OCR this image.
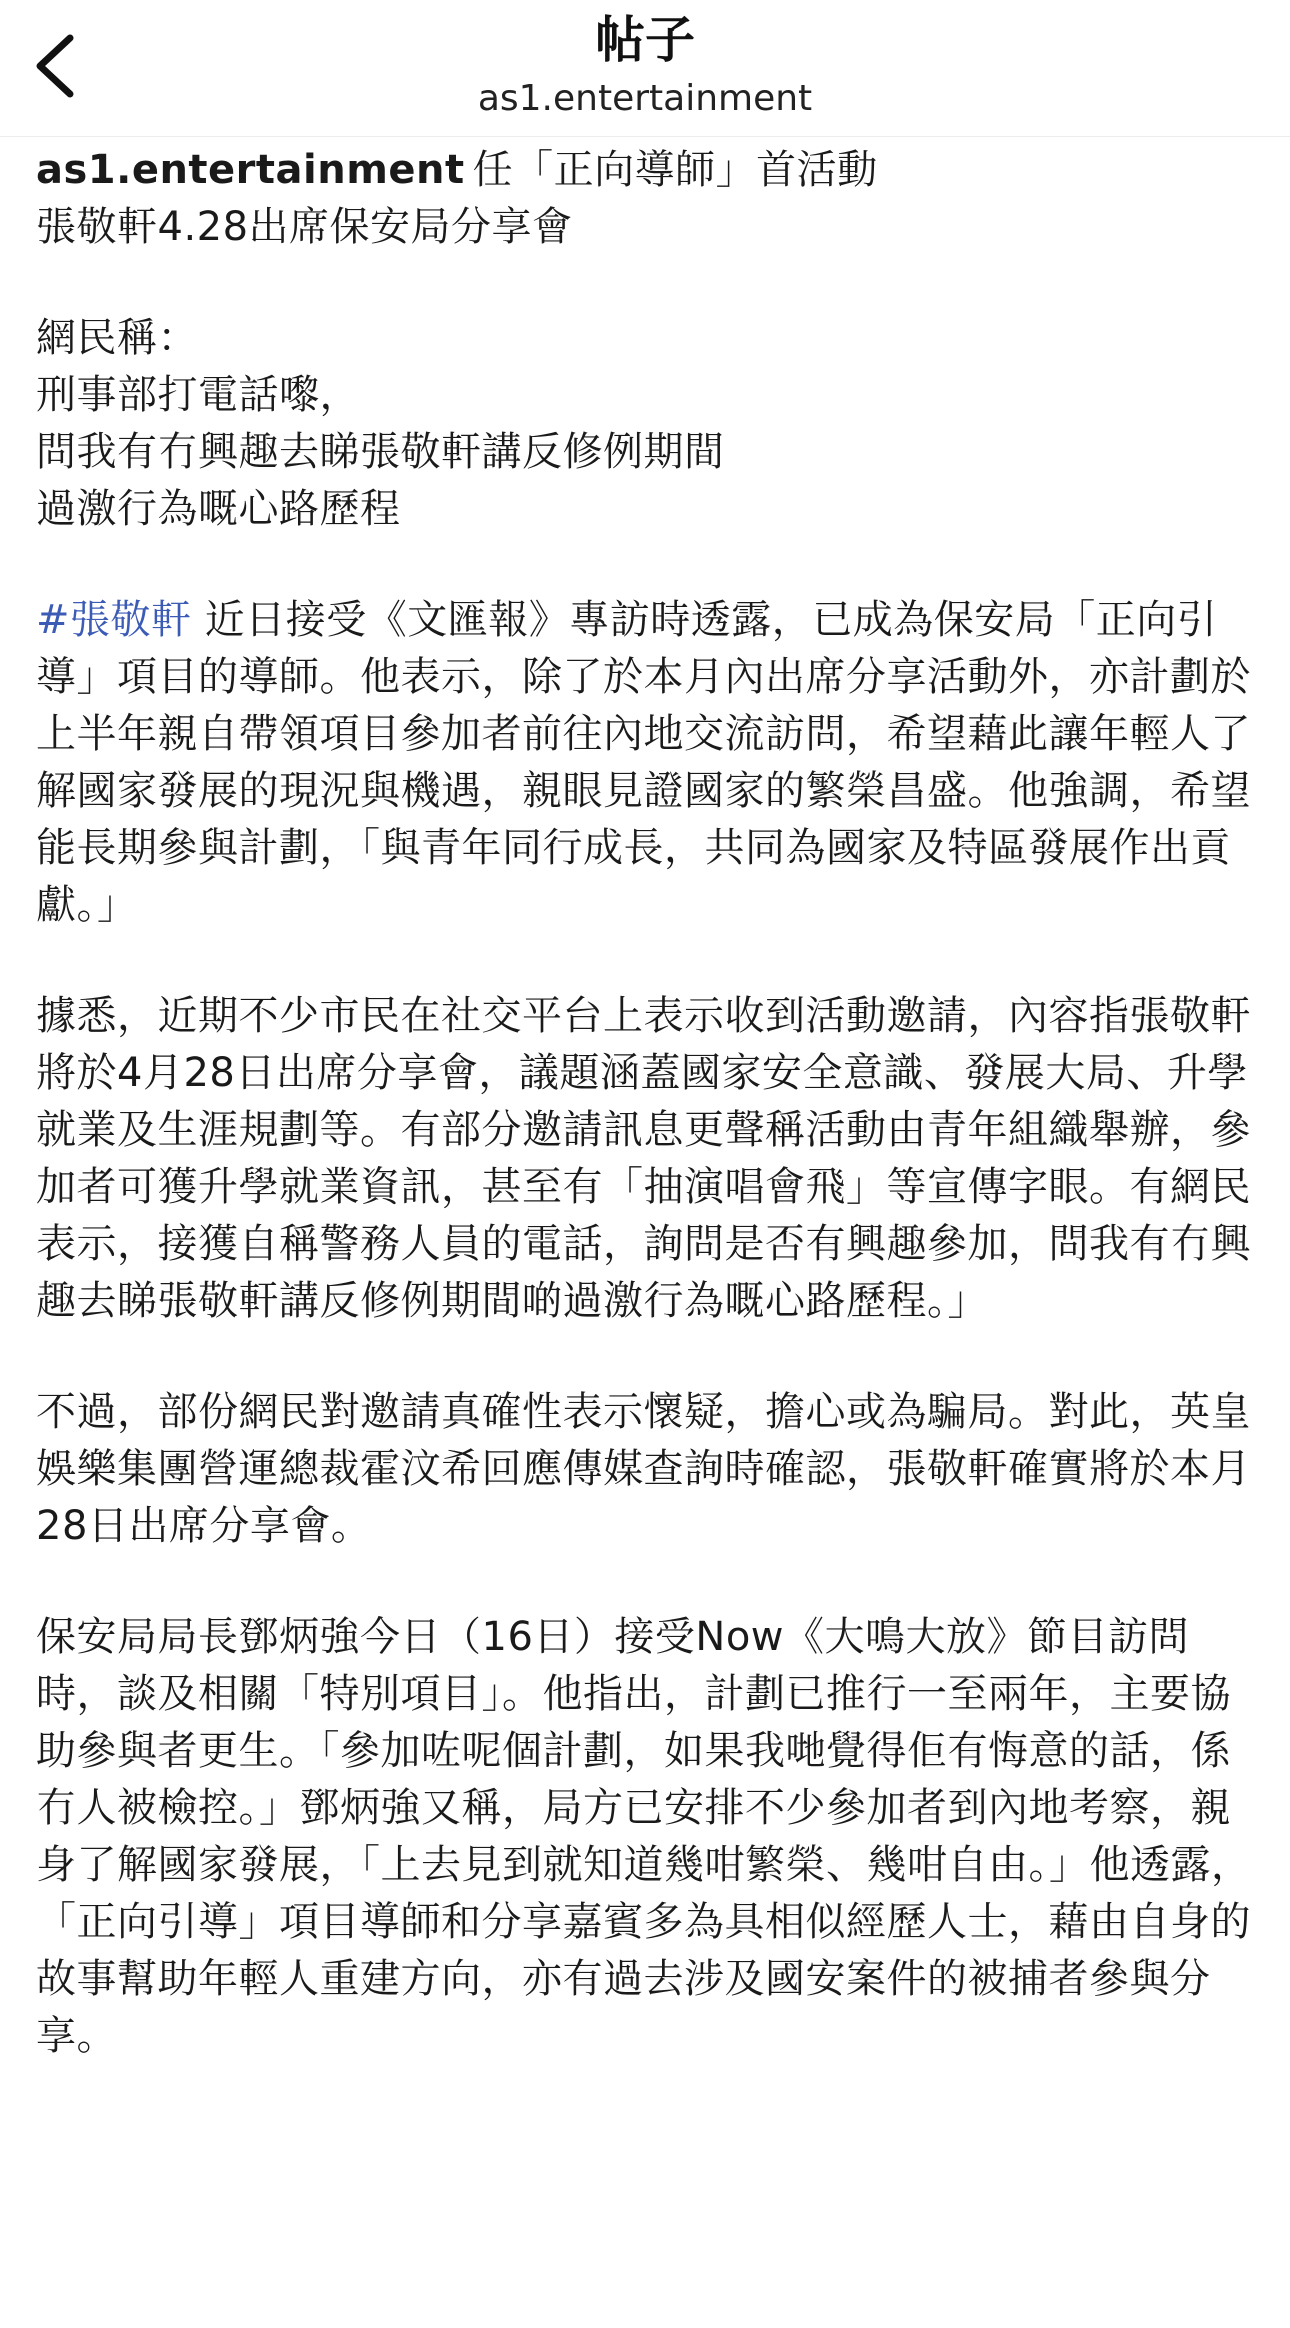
帖子
as1.entertainment

as1.entertainment 任「正向導師」首活動
張敬軒4.28出席保安局分享會

網民稱：
刑事部打電話嚟，
問我有冇興趣去睇張敬軒講反修例期間
過激行為嘅心路歷程

#張敬軒 近日接受《文匯報》專訪時透露，已成為保安局「正向引導」項目的導師。他表示，除了於本月內出席分享活動外，亦計劃於上半年親自帶領項目參加者前往內地交流訪問，希望藉此讓年輕人了解國家發展的現況與機遇，親眼見證國家的繁榮昌盛。他強調，希望能長期參與計劃，「與青年同行成長，共同為國家及特區發展作出貢獻。」

據悉，近期不少市民在社交平台上表示收到活動邀請，內容指張敬軒將於4月28日出席分享會，議題涵蓋國家安全意識、發展大局、升學就業及生涯規劃等。有部分邀請訊息更聲稱活動由青年組織舉辦，參加者可獲升學就業資訊，甚至有「抽演唱會飛」等宣傳字眼。有網民表示，接獲自稱警務人員的電話，詢問是否有興趣參加，問我有冇興趣去睇張敬軒講反修例期間啲過激行為嘅心路歷程。」

不過，部份網民對邀請真確性表示懷疑，擔心或為騙局。對此，英皇娛樂集團營運總裁霍汶希回應傳媒查詢時確認，張敬軒確實將於本月28日出席分享會。

保安局局長鄧炳強今日（16日）接受Now《大鳴大放》節目訪問時，談及相關「特別項目」。他指出，計劃已推行一至兩年，主要協助參與者更生。「參加咗呢個計劃，如果我哋覺得佢有悔意的話，係冇人被檢控。」鄧炳強又稱，局方已安排不少參加者到內地考察，親身了解國家發展，「上去見到就知道幾咁繁榮、幾咁自由。」他透露，「正向引導」項目導師和分享嘉賓多為具相似經歷人士，藉由自身的故事幫助年輕人重建方向，亦有過去涉及國安案件的被捕者參與分享。
